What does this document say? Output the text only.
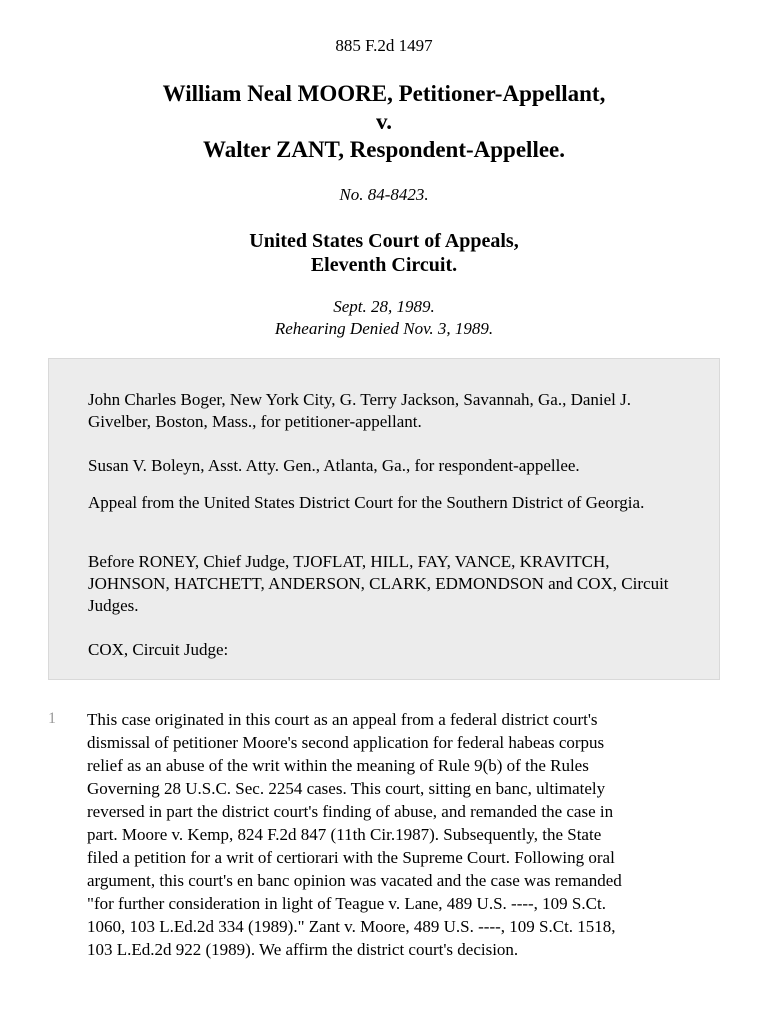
885 F.2d 1497
William Neal MOORE, Petitioner-Appellant,
v.
Walter ZANT, Respondent-Appellee.
No. 84-8423.
United States Court of Appeals,
Eleventh Circuit.
Sept. 28, 1989.
Rehearing Denied Nov. 3, 1989.

John Charles Boger, New York City, G. Terry Jackson, Savannah, Ga., Daniel J. Givelber, Boston, Mass., for petitioner-appellant.

Susan V. Boleyn, Asst. Atty. Gen., Atlanta, Ga., for respondent-appellee.

Appeal from the United States District Court for the Southern District of Georgia.

Before RONEY, Chief Judge, TJOFLAT, HILL, FAY, VANCE, KRAVITCH, JOHNSON, HATCHETT, ANDERSON, CLARK, EDMONDSON and COX, Circuit Judges.

COX, Circuit Judge:

1 This case originated in this court as an appeal from a federal district court's
dismissal of petitioner Moore's second application for federal habeas corpus
relief as an abuse of the writ within the meaning of Rule 9(b) of the Rules
Governing 28 U.S.C. Sec. 2254 cases. This court, sitting en banc, ultimately
reversed in part the district court's finding of abuse, and remanded the case in
part. Moore v. Kemp, 824 F.2d 847 (11th Cir.1987). Subsequently, the State
filed a petition for a writ of certiorari with the Supreme Court. Following oral
argument, this court's en banc opinion was vacated and the case was remanded
"for further consideration in light of Teague v. Lane, 489 U.S. ----, 109 S.Ct.
1060, 103 L.Ed.2d 334 (1989)." Zant v. Moore, 489 U.S. ----, 109 S.Ct. 1518,
103 L.Ed.2d 922 (1989). We affirm the district court's decision.
